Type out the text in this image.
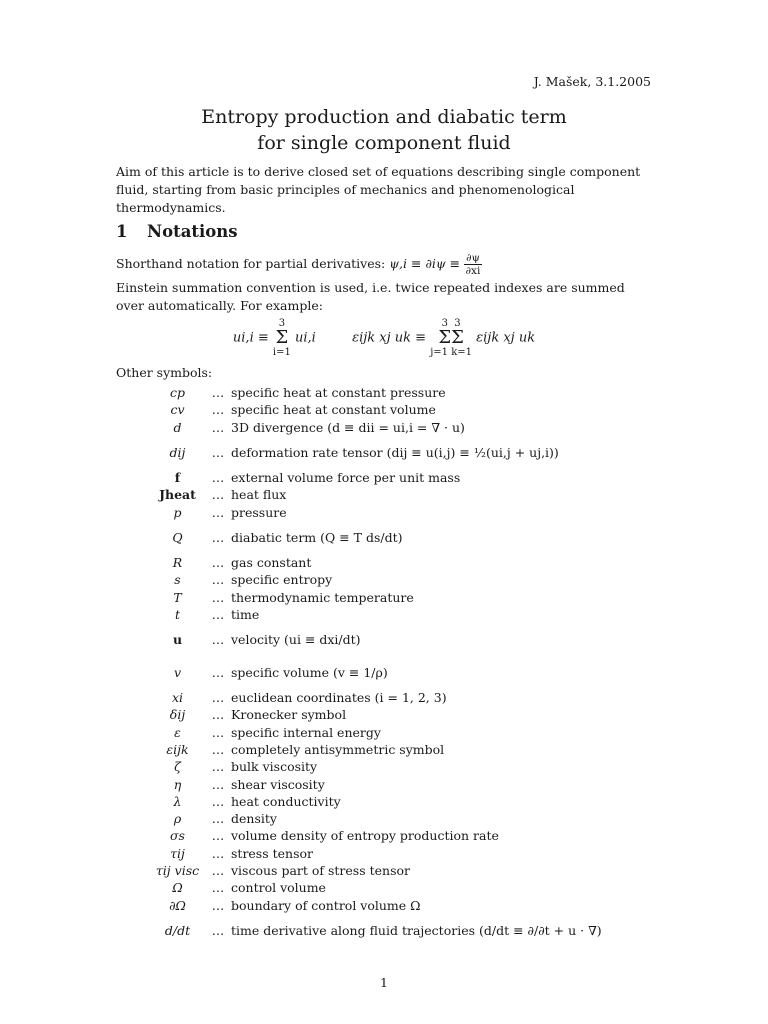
J. Mašek, 3.1.2005
Entropy production and diabatic term
for single component fluid
Aim of this article is to derive closed set of equations describing single component fluid, starting from basic principles of mechanics and phenomenological thermodynamics.
1 Notations
Shorthand notation for partial derivatives: $\psi,i \equiv \partial i\psi \equiv \frac{\partial\psi}{\partial xi}$
Einstein summation convention is used, i.e. twice repeated indexes are summed over automatically. For example:
ui,i ≡
3
Σ
i=1
ui,i	εijk xj uk ≡
3  3
ΣΣ
j=1 k=1
εijk xj uk
Other symbols:
cp	… specific heat at constant pressure
cv	… specific heat at constant volume
d	… 3D divergence (d ≡ dii = ui,i = ∇ · u)
dij	… deformation rate tensor (dij ≡ u(i,j) ≡ ½(ui,j + uj,i))
f	… external volume force per unit mass
Jheat	… heat flux
p	… pressure
Q	… diabatic term (Q ≡ T ds/dt)
R	… gas constant
s	… specific entropy
T	… thermodynamic temperature
t	… time
u	… velocity (ui ≡ dxi/dt)
v	… specific volume (v ≡ 1/ρ)
xi	… euclidean coordinates (i = 1, 2, 3)
δij	… Kronecker symbol
ε	… specific internal energy
εijk	… completely antisymmetric symbol
ζ	… bulk viscosity
η	… shear viscosity
λ	… heat conductivity
ρ	… density
σs	… volume density of entropy production rate
τij	… stress tensor
τij visc	… viscous part of stress tensor
Ω	… control volume
∂Ω	… boundary of control volume Ω
d/dt	… time derivative along fluid trajectories (d/dt ≡ ∂/∂t + u · ∇)
1
